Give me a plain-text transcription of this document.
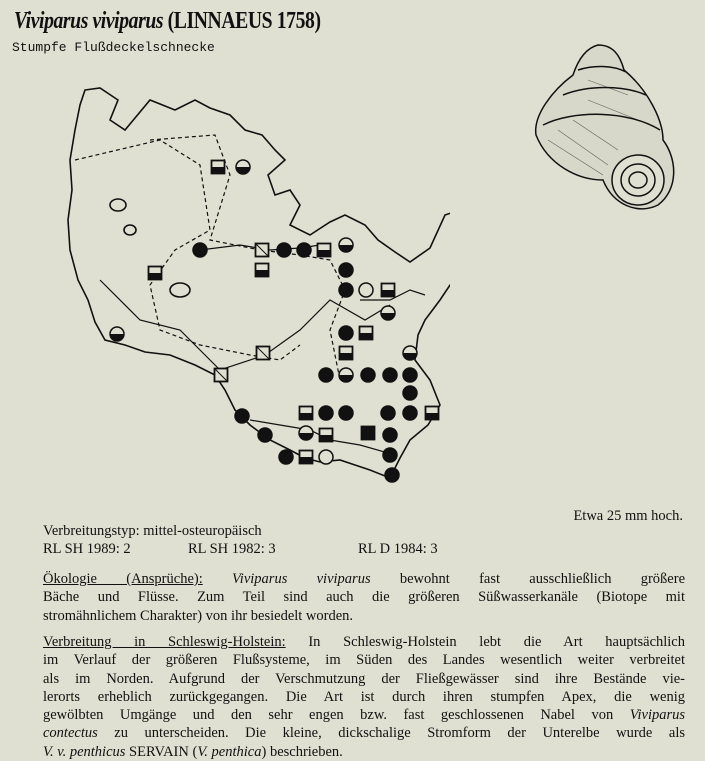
Viviparus viviparus (LINNAEUS 1758)
Stumpfe Flußdeckelschnecke
Etwa 25 mm hoch.
Verbreitungstyp: mittel-osteuropäisch
RL SH 1989: 2	RL SH 1982: 3	RL D 1984: 3
Ökologie (Ansprüche): Viviparus viviparus bewohnt fast ausschließlich größere
Bäche und Flüsse. Zum Teil sind auch die größeren Süßwasserkanäle (Biotope mit
stromähnlichem Charakter) von ihr besiedelt worden.
Verbreitung in Schleswig-Holstein: In Schleswig-Holstein lebt die Art hauptsächlich
im Verlauf der größeren Flußsysteme, im Süden des Landes wesentlich weiter verbreitet
als im Norden. Aufgrund der Verschmutzung der Fließgewässer sind ihre Bestände vie-
lerorts erheblich zurückgegangen. Die Art ist durch ihren stumpfen Apex, die wenig
gewölbten Umgänge und den sehr engen bzw. fast geschlossenen Nabel von Viviparus
contectus zu unterscheiden. Die kleine, dickschalige Stromform der Unterelbe wurde als
V. v. penthicus SERVAIN (V. penthica) beschrieben.
